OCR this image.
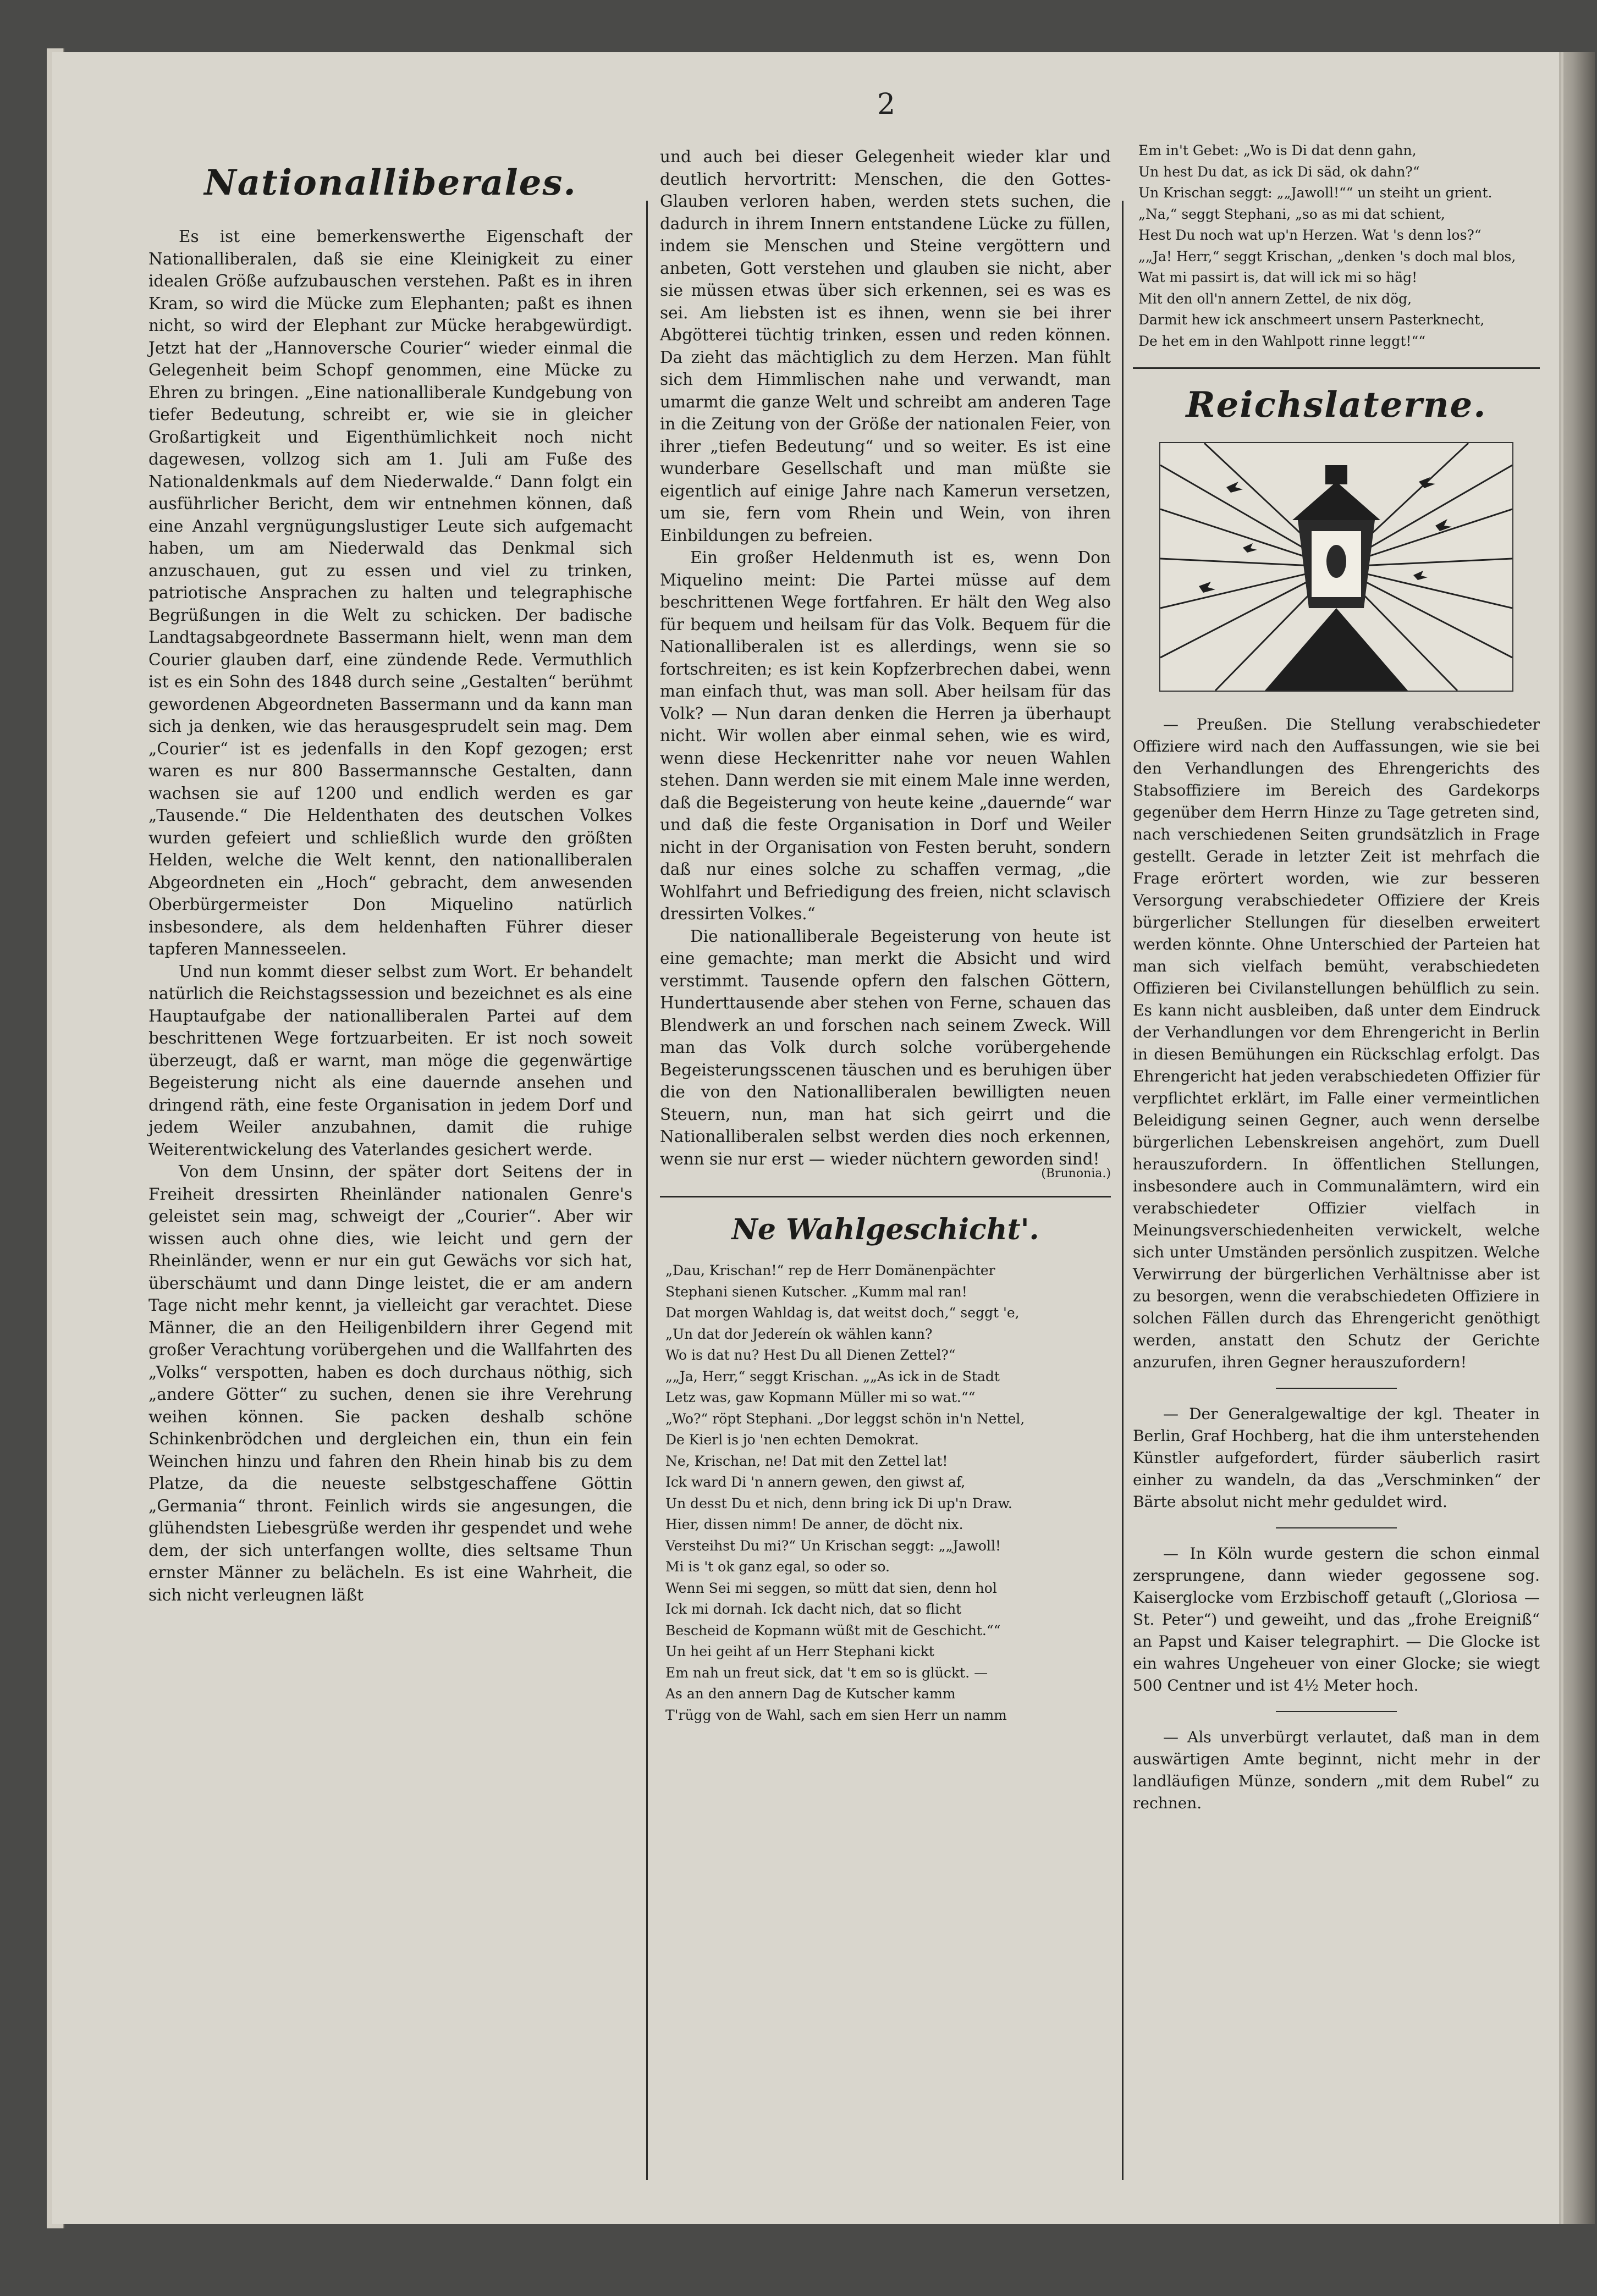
2
Nationalliberales.

Es ist eine bemerkenswerthe Eigenschaft der Nationalliberalen, daß sie eine Kleinigkeit zu einer idealen Größe aufzubauschen verstehen. Paßt es in ihren Kram, so wird die Mücke zum Elephanten; paßt es ihnen nicht, so wird der Elephant zur Mücke herabgewürdigt. Jetzt hat der „Hannoversche Courier“ wieder einmal die Gelegenheit beim Schopf genommen, eine Mücke zu Ehren zu bringen. „Eine nationalliberale Kundgebung von tiefer Bedeutung, schreibt er, wie sie in gleicher Großartigkeit und Eigenthümlichkeit noch nicht dagewesen, vollzog sich am 1. Juli am Fuße des Nationaldenkmals auf dem Niederwalde.“ Dann folgt ein ausführlicher Bericht, dem wir entnehmen können, daß eine Anzahl vergnügungslustiger Leute sich aufgemacht haben, um am Niederwald das Denkmal sich anzuschauen, gut zu essen und viel zu trinken, patriotische Ansprachen zu halten und telegraphische Begrüßungen in die Welt zu schicken. Der badische Landtagsabgeordnete Bassermann hielt, wenn man dem Courier glauben darf, eine zündende Rede. Vermuthlich ist es ein Sohn des 1848 durch seine „Gestalten“ berühmt gewordenen Abgeordneten Bassermann und da kann man sich ja denken, wie das herausgesprudelt sein mag. Dem „Courier“ ist es jedenfalls in den Kopf gezogen; erst waren es nur 800 Bassermannsche Gestalten, dann wachsen sie auf 1200 und endlich werden es gar „Tausende.“ Die Heldenthaten des deutschen Volkes wurden gefeiert und schließlich wurde den größten Helden, welche die Welt kennt, den nationalliberalen Abgeordneten ein „Hoch“ gebracht, dem anwesenden Oberbürgermeister Don Miquelino natürlich insbesondere, als dem heldenhaften Führer dieser tapferen Mannesseelen.

Und nun kommt dieser selbst zum Wort. Er behandelt natürlich die Reichstagssession und bezeichnet es als eine Hauptaufgabe der nationalliberalen Partei auf dem beschrittenen Wege fortzuarbeiten. Er ist noch soweit überzeugt, daß er warnt, man möge die gegenwärtige Begeisterung nicht als eine dauernde ansehen und dringend räth, eine feste Organisation in jedem Dorf und jedem Weiler anzubahnen, damit die ruhige Weiterentwickelung des Vaterlandes gesichert werde.

Von dem Unsinn, der später dort Seitens der in Freiheit dressirten Rheinländer nationalen Genre's geleistet sein mag, schweigt der „Courier“. Aber wir wissen auch ohne dies, wie leicht und gern der Rheinländer, wenn er nur ein gut Gewächs vor sich hat, überschäumt und dann Dinge leistet, die er am andern Tage nicht mehr kennt, ja vielleicht gar verachtet. Diese Männer, die an den Heiligenbildern ihrer Gegend mit großer Verachtung vorübergehen und die Wallfahrten des „Volks“ verspotten, haben es doch durchaus nöthig, sich „andere Götter“ zu suchen, denen sie ihre Verehrung weihen können. Sie packen deshalb schöne Schinkenbrödchen und dergleichen ein, thun ein fein Weinchen hinzu und fahren den Rhein hinab bis zu dem Platze, da die neueste selbstgeschaffene Göttin „Germania“ thront. Feinlich wirds sie angesungen, die glühendsten Liebesgrüße werden ihr gespendet und wehe dem, der sich unterfangen wollte, dies seltsame Thun ernster Männer zu belächeln. Es ist eine Wahrheit, die sich nicht verleugnen läßt

und auch bei dieser Gelegenheit wieder klar und deutlich hervortritt: Menschen, die den Gottes-Glauben verloren haben, werden stets suchen, die dadurch in ihrem Innern entstandene Lücke zu füllen, indem sie Menschen und Steine vergöttern und anbeten, Gott verstehen und glauben sie nicht, aber sie müssen etwas über sich erkennen, sei es was es sei. Am liebsten ist es ihnen, wenn sie bei ihrer Abgötterei tüchtig trinken, essen und reden können. Da zieht das mächtiglich zu dem Herzen. Man fühlt sich dem Himmlischen nahe und verwandt, man umarmt die ganze Welt und schreibt am anderen Tage in die Zeitung von der Größe der nationalen Feier, von ihrer „tiefen Bedeutung“ und so weiter. Es ist eine wunderbare Gesellschaft und man müßte sie eigentlich auf einige Jahre nach Kamerun versetzen, um sie, fern vom Rhein und Wein, von ihren Einbildungen zu befreien.

Ein großer Heldenmuth ist es, wenn Don Miquelino meint: Die Partei müsse auf dem beschrittenen Wege fortfahren. Er hält den Weg also für bequem und heilsam für das Volk. Bequem für die Nationalliberalen ist es allerdings, wenn sie so fortschreiten; es ist kein Kopfzerbrechen dabei, wenn man einfach thut, was man soll. Aber heilsam für das Volk? — Nun daran denken die Herren ja überhaupt nicht. Wir wollen aber einmal sehen, wie es wird, wenn diese Heckenritter nahe vor neuen Wahlen stehen. Dann werden sie mit einem Male inne werden, daß die Begeisterung von heute keine „dauernde“ war und daß die feste Organisation in Dorf und Weiler nicht in der Organisation von Festen beruht, sondern daß nur eines solche zu schaffen vermag, „die Wohlfahrt und Befriedigung des freien, nicht sclavisch dressirten Volkes.“

Die nationalliberale Begeisterung von heute ist eine gemachte; man merkt die Absicht und wird verstimmt. Tausende opfern den falschen Göttern, Hunderttausende aber stehen von Ferne, schauen das Blendwerk an und forschen nach seinem Zweck. Will man das Volk durch solche vorübergehende Begeisterungsscenen täuschen und es beruhigen über die von den Nationalliberalen bewilligten neuen Steuern, nun, man hat sich geirrt und die Nationalliberalen selbst werden dies noch erkennen, wenn sie nur erst — wieder nüchtern geworden sind!

(Brunonia.)
Ne Wahlgeschicht'.
„Dau, Krischan!“ rep de Herr Domänenpächter
Stephani sienen Kutscher. „Kumm mal ran!
Dat morgen Wahldag is, dat weitst doch,“ seggt 'e,
„Un dat dor Jedereín ok wählen kann?
Wo is dat nu? Hest Du all Dienen Zettel?“
„„Ja, Herr,“ seggt Krischan. „„As ick in de Stadt
Letz was, gaw Kopmann Müller mi so wat.““
„Wo?“ röpt Stephani. „Dor leggst schön in'n Nettel,
De Kierl is jo 'nen echten Demokrat.
Ne, Krischan, ne! Dat mit den Zettel lat!
Ick ward Di 'n annern gewen, den giwst af,
Un desst Du et nich, denn bring ick Di up'n Draw.
Hier, dissen nimm! De anner, de döcht nix.
Versteihst Du mi?“ Un Krischan seggt: „„Jawoll!
Mi is 't ok ganz egal, so oder so.
Wenn Sei mi seggen, so mütt dat sien, denn hol
Ick mi dornah. Ick dacht nich, dat so flicht
Bescheid de Kopmann wüßt mit de Geschicht.““
Un hei geiht af un Herr Stephani kickt
Em nah un freut sick, dat 't em so is glückt. —
As an den annern Dag de Kutscher kamm
T'rügg von de Wahl, sach em sien Herr un namm
Em in't Gebet: „Wo is Di dat denn gahn,
Un hest Du dat, as ick Di säd, ok dahn?“
Un Krischan seggt: „„Jawoll!““ un steiht un grient.
„Na,“ seggt Stephani, „so as mi dat schient,
Hest Du noch wat up'n Herzen. Wat 's denn los?“
„„Ja! Herr,“ seggt Krischan, „denken 's doch mal blos,
Wat mi passirt is, dat will ick mi so häg!
Mit den oll'n annern Zettel, de nix dög,
Darmit hew ick anschmeert unsern Pasterknecht,
De het em in den Wahlpott rinne leggt!““
Reichslaterne.

— Preußen. Die Stellung verabschiedeter Offiziere wird nach den Auffassungen, wie sie bei den Verhandlungen des Ehrengerichts des Stabsoffiziere im Bereich des Gardekorps gegenüber dem Herrn Hinze zu Tage getreten sind, nach verschiedenen Seiten grundsätzlich in Frage gestellt. Gerade in letzter Zeit ist mehrfach die Frage erörtert worden, wie zur besseren Versorgung verabschiedeter Offiziere der Kreis bürgerlicher Stellungen für dieselben erweitert werden könnte. Ohne Unterschied der Parteien hat man sich vielfach bemüht, verabschiedeten Offizieren bei Civilanstellungen behülflich zu sein. Es kann nicht ausbleiben, daß unter dem Eindruck der Verhandlungen vor dem Ehrengericht in Berlin in diesen Bemühungen ein Rückschlag erfolgt. Das Ehrengericht hat jeden verabschiedeten Offizier für verpflichtet erklärt, im Falle einer vermeintlichen Beleidigung seinen Gegner, auch wenn derselbe bürgerlichen Lebenskreisen angehört, zum Duell herauszufordern. In öffentlichen Stellungen, insbesondere auch in Communalämtern, wird ein verabschiedeter Offizier vielfach in Meinungsverschiedenheiten verwickelt, welche sich unter Umständen persönlich zuspitzen. Welche Verwirrung der bürgerlichen Verhältnisse aber ist zu besorgen, wenn die verabschiedeten Offiziere in solchen Fällen durch das Ehrengericht genöthigt werden, anstatt den Schutz der Gerichte anzurufen, ihren Gegner herauszufordern!

— Der Generalgewaltige der kgl. Theater in Berlin, Graf Hochberg, hat die ihm unterstehenden Künstler aufgefordert, fürder säuberlich rasirt einher zu wandeln, da das „Verschminken“ der Bärte absolut nicht mehr geduldet wird.

— In Köln wurde gestern die schon einmal zersprungene, dann wieder gegossene sog. Kaiserglocke vom Erzbischoff getauft („Gloriosa — St. Peter“) und geweiht, und das „frohe Ereigniß“ an Papst und Kaiser telegraphirt. — Die Glocke ist ein wahres Ungeheuer von einer Glocke; sie wiegt 500 Centner und ist 4½ Meter hoch.

— Als unverbürgt verlautet, daß man in dem auswärtigen Amte beginnt, nicht mehr in der landläufigen Münze, sondern „mit dem Rubel“ zu rechnen.
